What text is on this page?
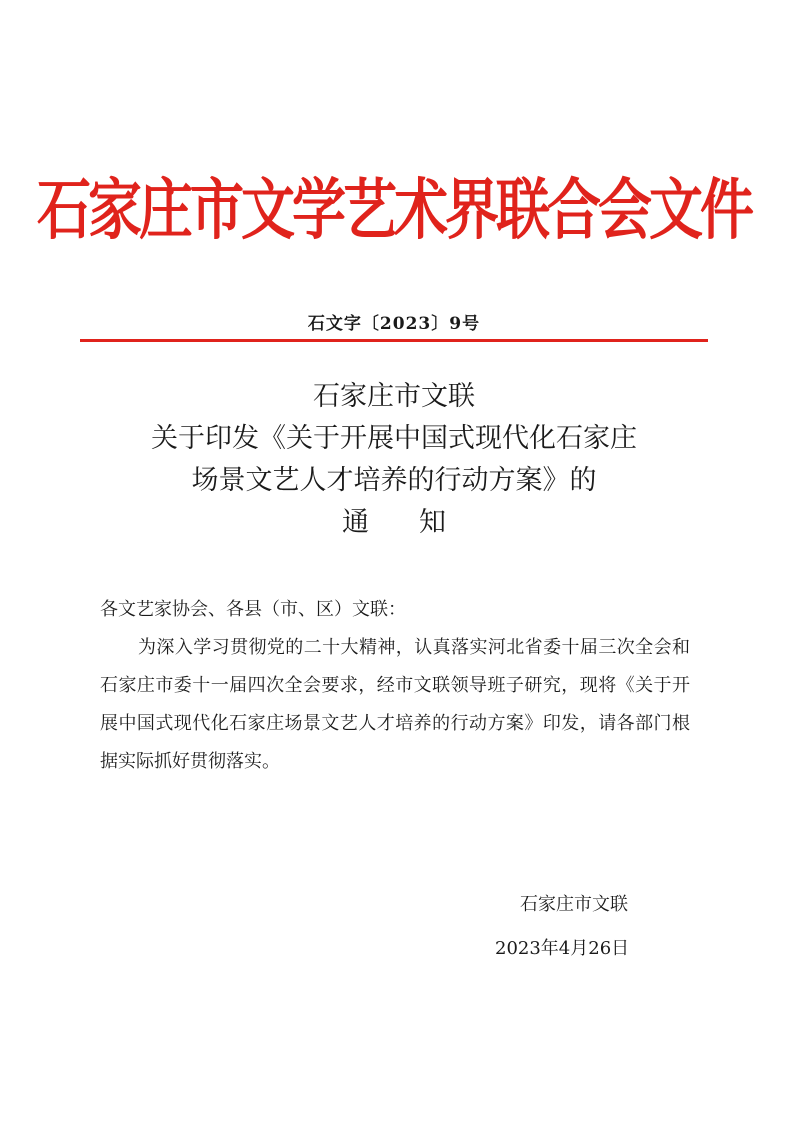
石家庄市文学艺术界联合会文件
石文字〔2023〕9号
石家庄市文联
关于印发《关于开展中国式现代化石家庄
场景文艺人才培养的行动方案》的
通知
各文艺家协会、各县（市、区）文联：
为深入学习贯彻党的二十大精神，认真落实河北省委十届三次全会和石家庄市委十一届四次全会要求，经市文联领导班子研究，现将《关于开展中国式现代化石家庄场景文艺人才培养的行动方案》印发，请各部门根据实际抓好贯彻落实。
石家庄市文联
2023年4月26日
